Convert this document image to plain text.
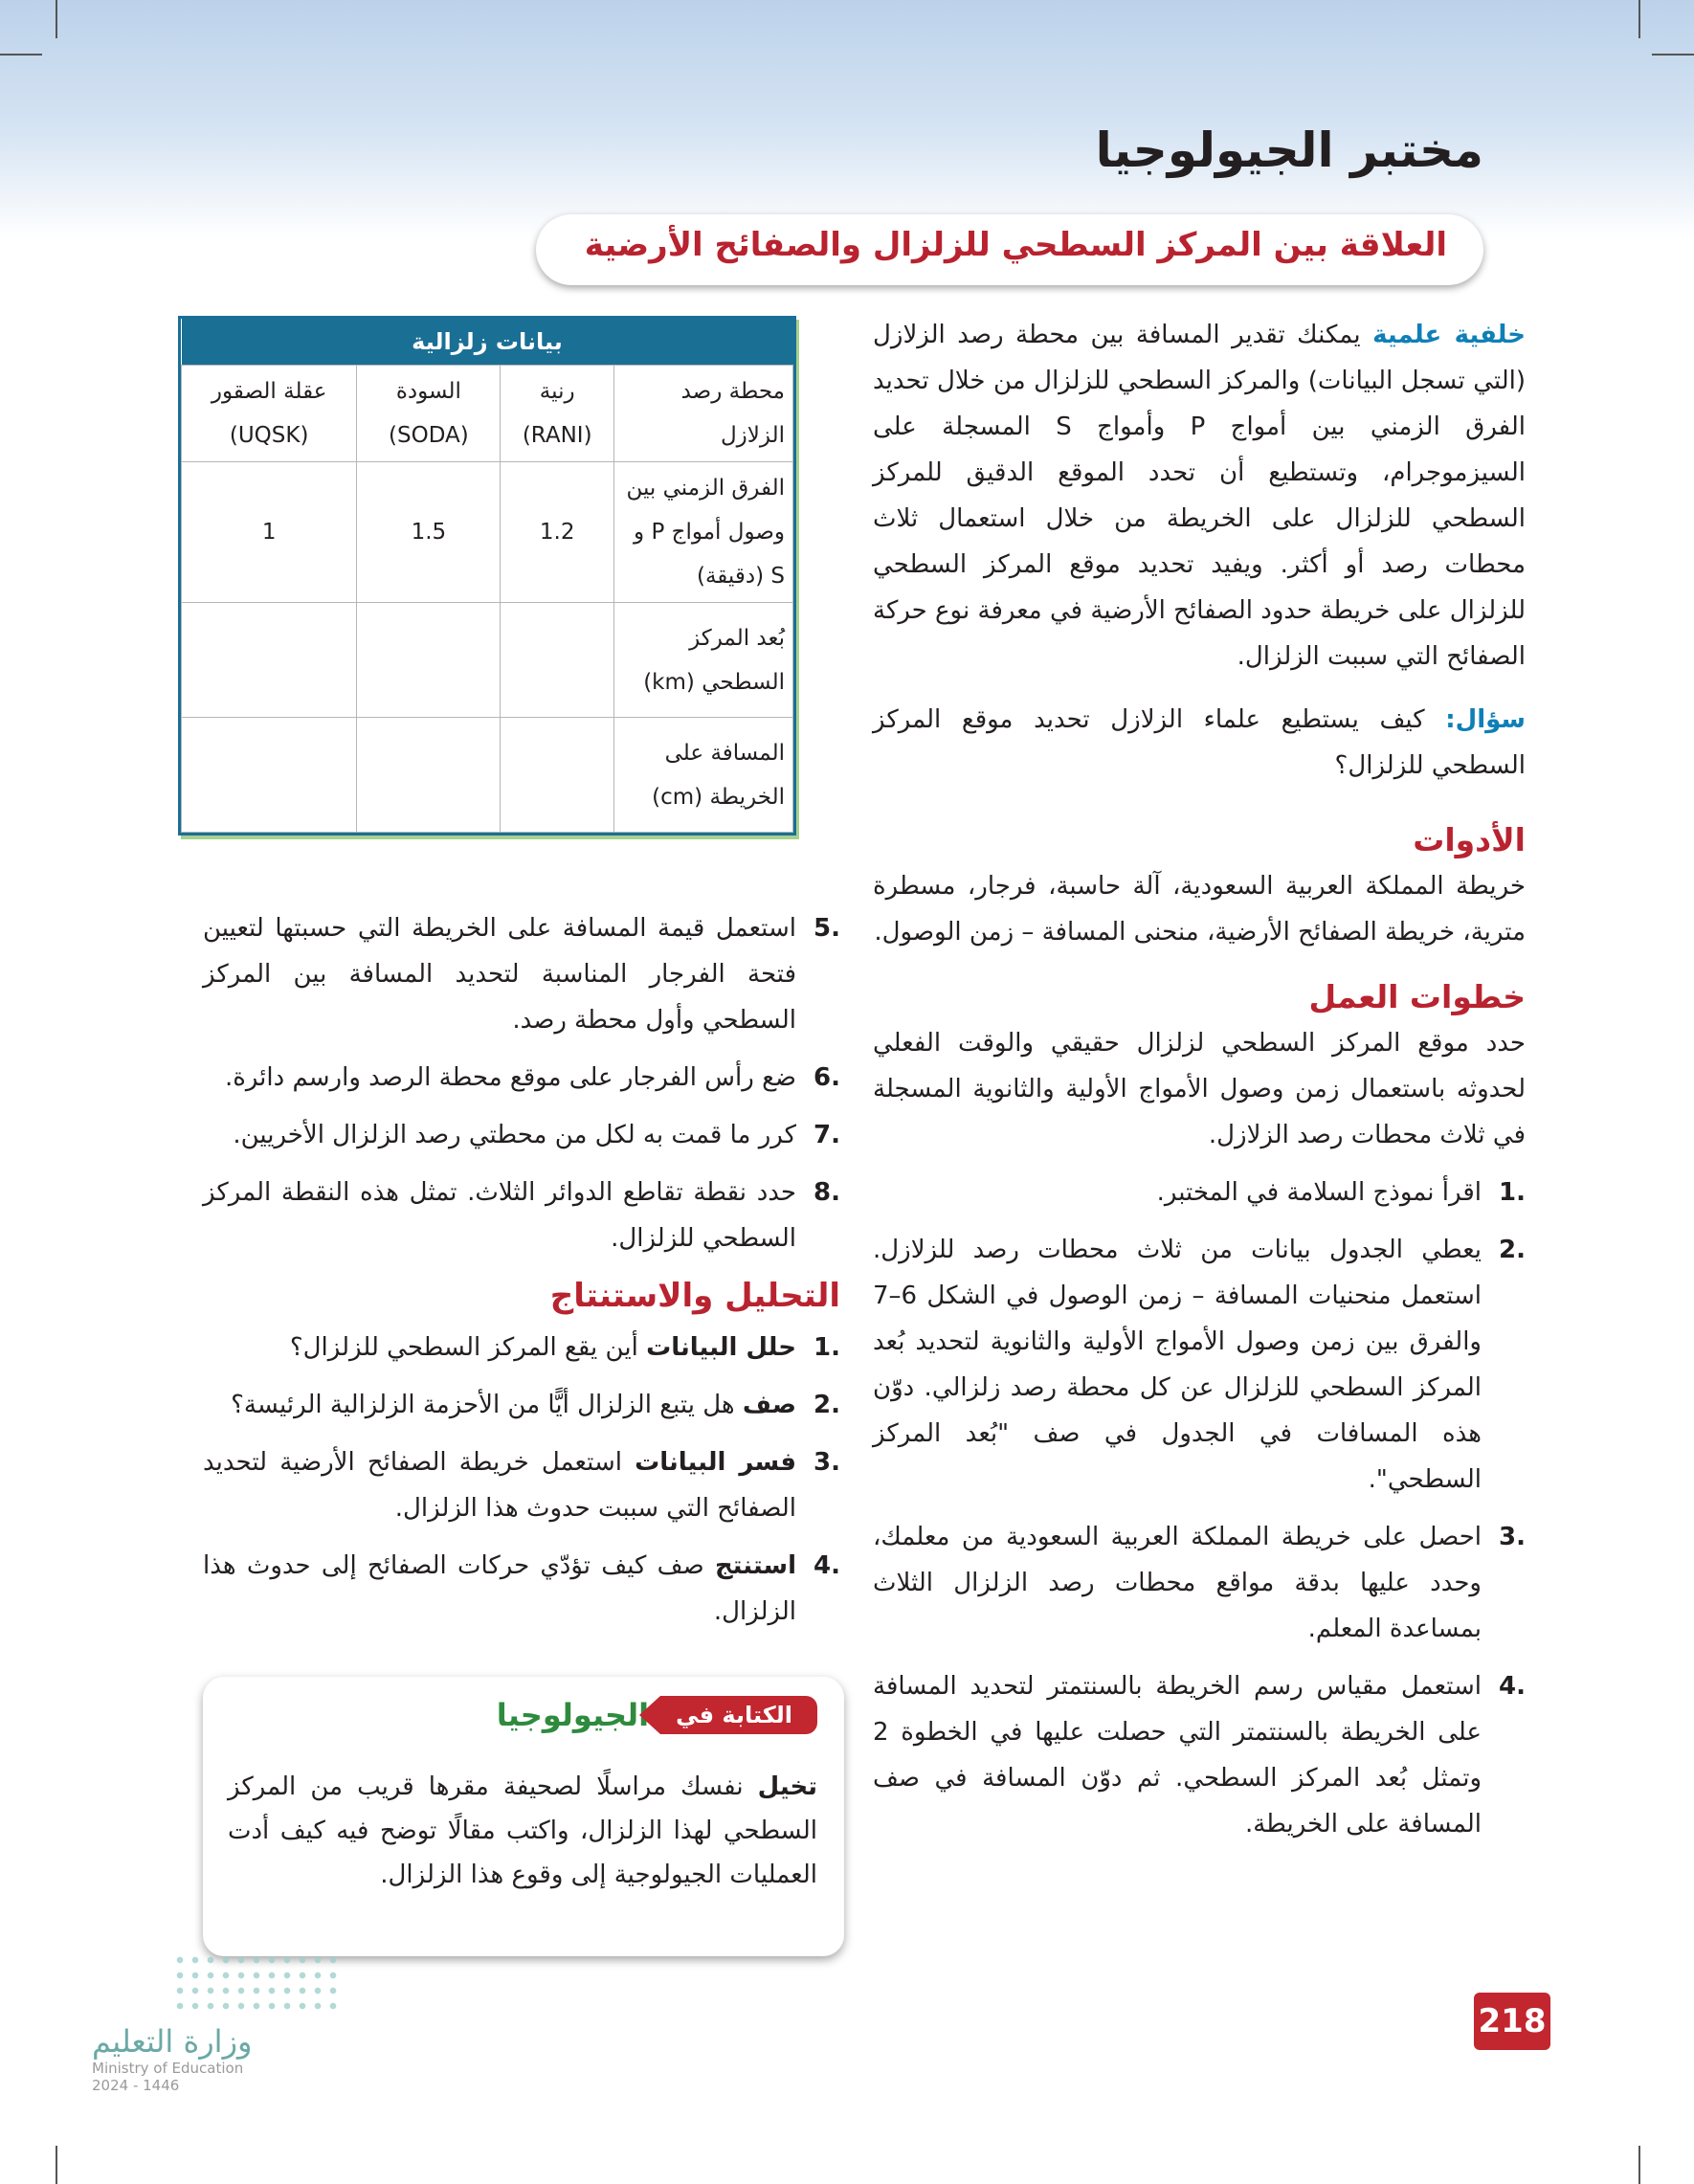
مختبر الجيولوجيا
العلاقة بين المركز السطحي للزلزال والصفائح الأرضية
خلفية علمية يمكنك تقدير المسافة بين محطة رصد الزلازل (التي تسجل البيانات) والمركز السطحي للزلزال من خلال تحديد الفرق الزمني بين أمواج P وأمواج S المسجلة على السيزموجرام، وتستطيع أن تحدد الموقع الدقيق للمركز السطحي للزلزال على الخريطة من خلال استعمال ثلاث محطات رصد أو أكثر. ويفيد تحديد موقع المركز السطحي للزلزال على خريطة حدود الصفائح الأرضية في معرفة نوع حركة الصفائح التي سببت الزلزال.
سؤال: كيف يستطيع علماء الزلازل تحديد موقع المركز السطحي للزلزال؟
الأدوات
خريطة المملكة العربية السعودية، آلة حاسبة، فرجار، مسطرة مترية، خريطة الصفائح الأرضية، منحنى المسافة – زمن الوصول.
خطوات العمل
حدد موقع المركز السطحي لزلزال حقيقي والوقت الفعلي لحدوثه باستعمال زمن وصول الأمواج الأولية والثانوية المسجلة في ثلاث محطات رصد الزلازل.
.1
اقرأ نموذج السلامة في المختبر.
.2
يعطي الجدول بيانات من ثلاث محطات رصد للزلازل. استعمل منحنيات المسافة – زمن الوصول في الشكل 6–7 والفرق بين زمن وصول الأمواج الأولية والثانوية لتحديد بُعد المركز السطحي للزلزال عن كل محطة رصد زلزالي. دوّن هذه المسافات في الجدول في صف "بُعد المركز السطحي".
.3
احصل على خريطة المملكة العربية السعودية من معلمك، وحدد عليها بدقة مواقع محطات رصد الزلزال الثلاث بمساعدة المعلم.
.4
استعمل مقياس رسم الخريطة بالسنتمتر لتحديد المسافة على الخريطة بالسنتمتر التي حصلت عليها في الخطوة 2 وتمثل بُعد المركز السطحي. ثم دوّن المسافة في صف المسافة على الخريطة.
بيانات زلزالية			
محطة رصد الزلازل	رنية (RANI)	السودة (SODA)	عقلة الصقور (UQSK)
الفرق الزمني بين وصول أمواج P و S (دقيقة)	1.2	1.5	1
بُعد المركز السطحي (km)			
المسافة على الخريطة (cm)			
.5
استعمل قيمة المسافة على الخريطة التي حسبتها لتعيين فتحة الفرجار المناسبة لتحديد المسافة بين المركز السطحي وأول محطة رصد.
.6
ضع رأس الفرجار على موقع محطة الرصد وارسم دائرة.
.7
كرر ما قمت به لكل من محطتي رصد الزلزال الأخريين.
.8
حدد نقطة تقاطع الدوائر الثلاث. تمثل هذه النقطة المركز السطحي للزلزال.
التحليل والاستنتاج
.1
حلل البيانات أين يقع المركز السطحي للزلزال؟
.2
صف هل يتبع الزلزال أيًّا من الأحزمة الزلزالية الرئيسة؟
.3
فسر البيانات استعمل خريطة الصفائح الأرضية لتحديد الصفائح التي سببت حدوث هذا الزلزال.
.4
استنتج صف كيف تؤدّي حركات الصفائح إلى حدوث هذا الزلزال.
الكتابة في
الجيولوجيا
تخيل نفسك مراسلًا لصحيفة مقرها قريب من المركز السطحي لهذا الزلزال، واكتب مقالًا توضح فيه كيف أدت العمليات الجيولوجية إلى وقوع هذا الزلزال.
وزارة التعليم
Ministry of Education
2024 - 1446
218
